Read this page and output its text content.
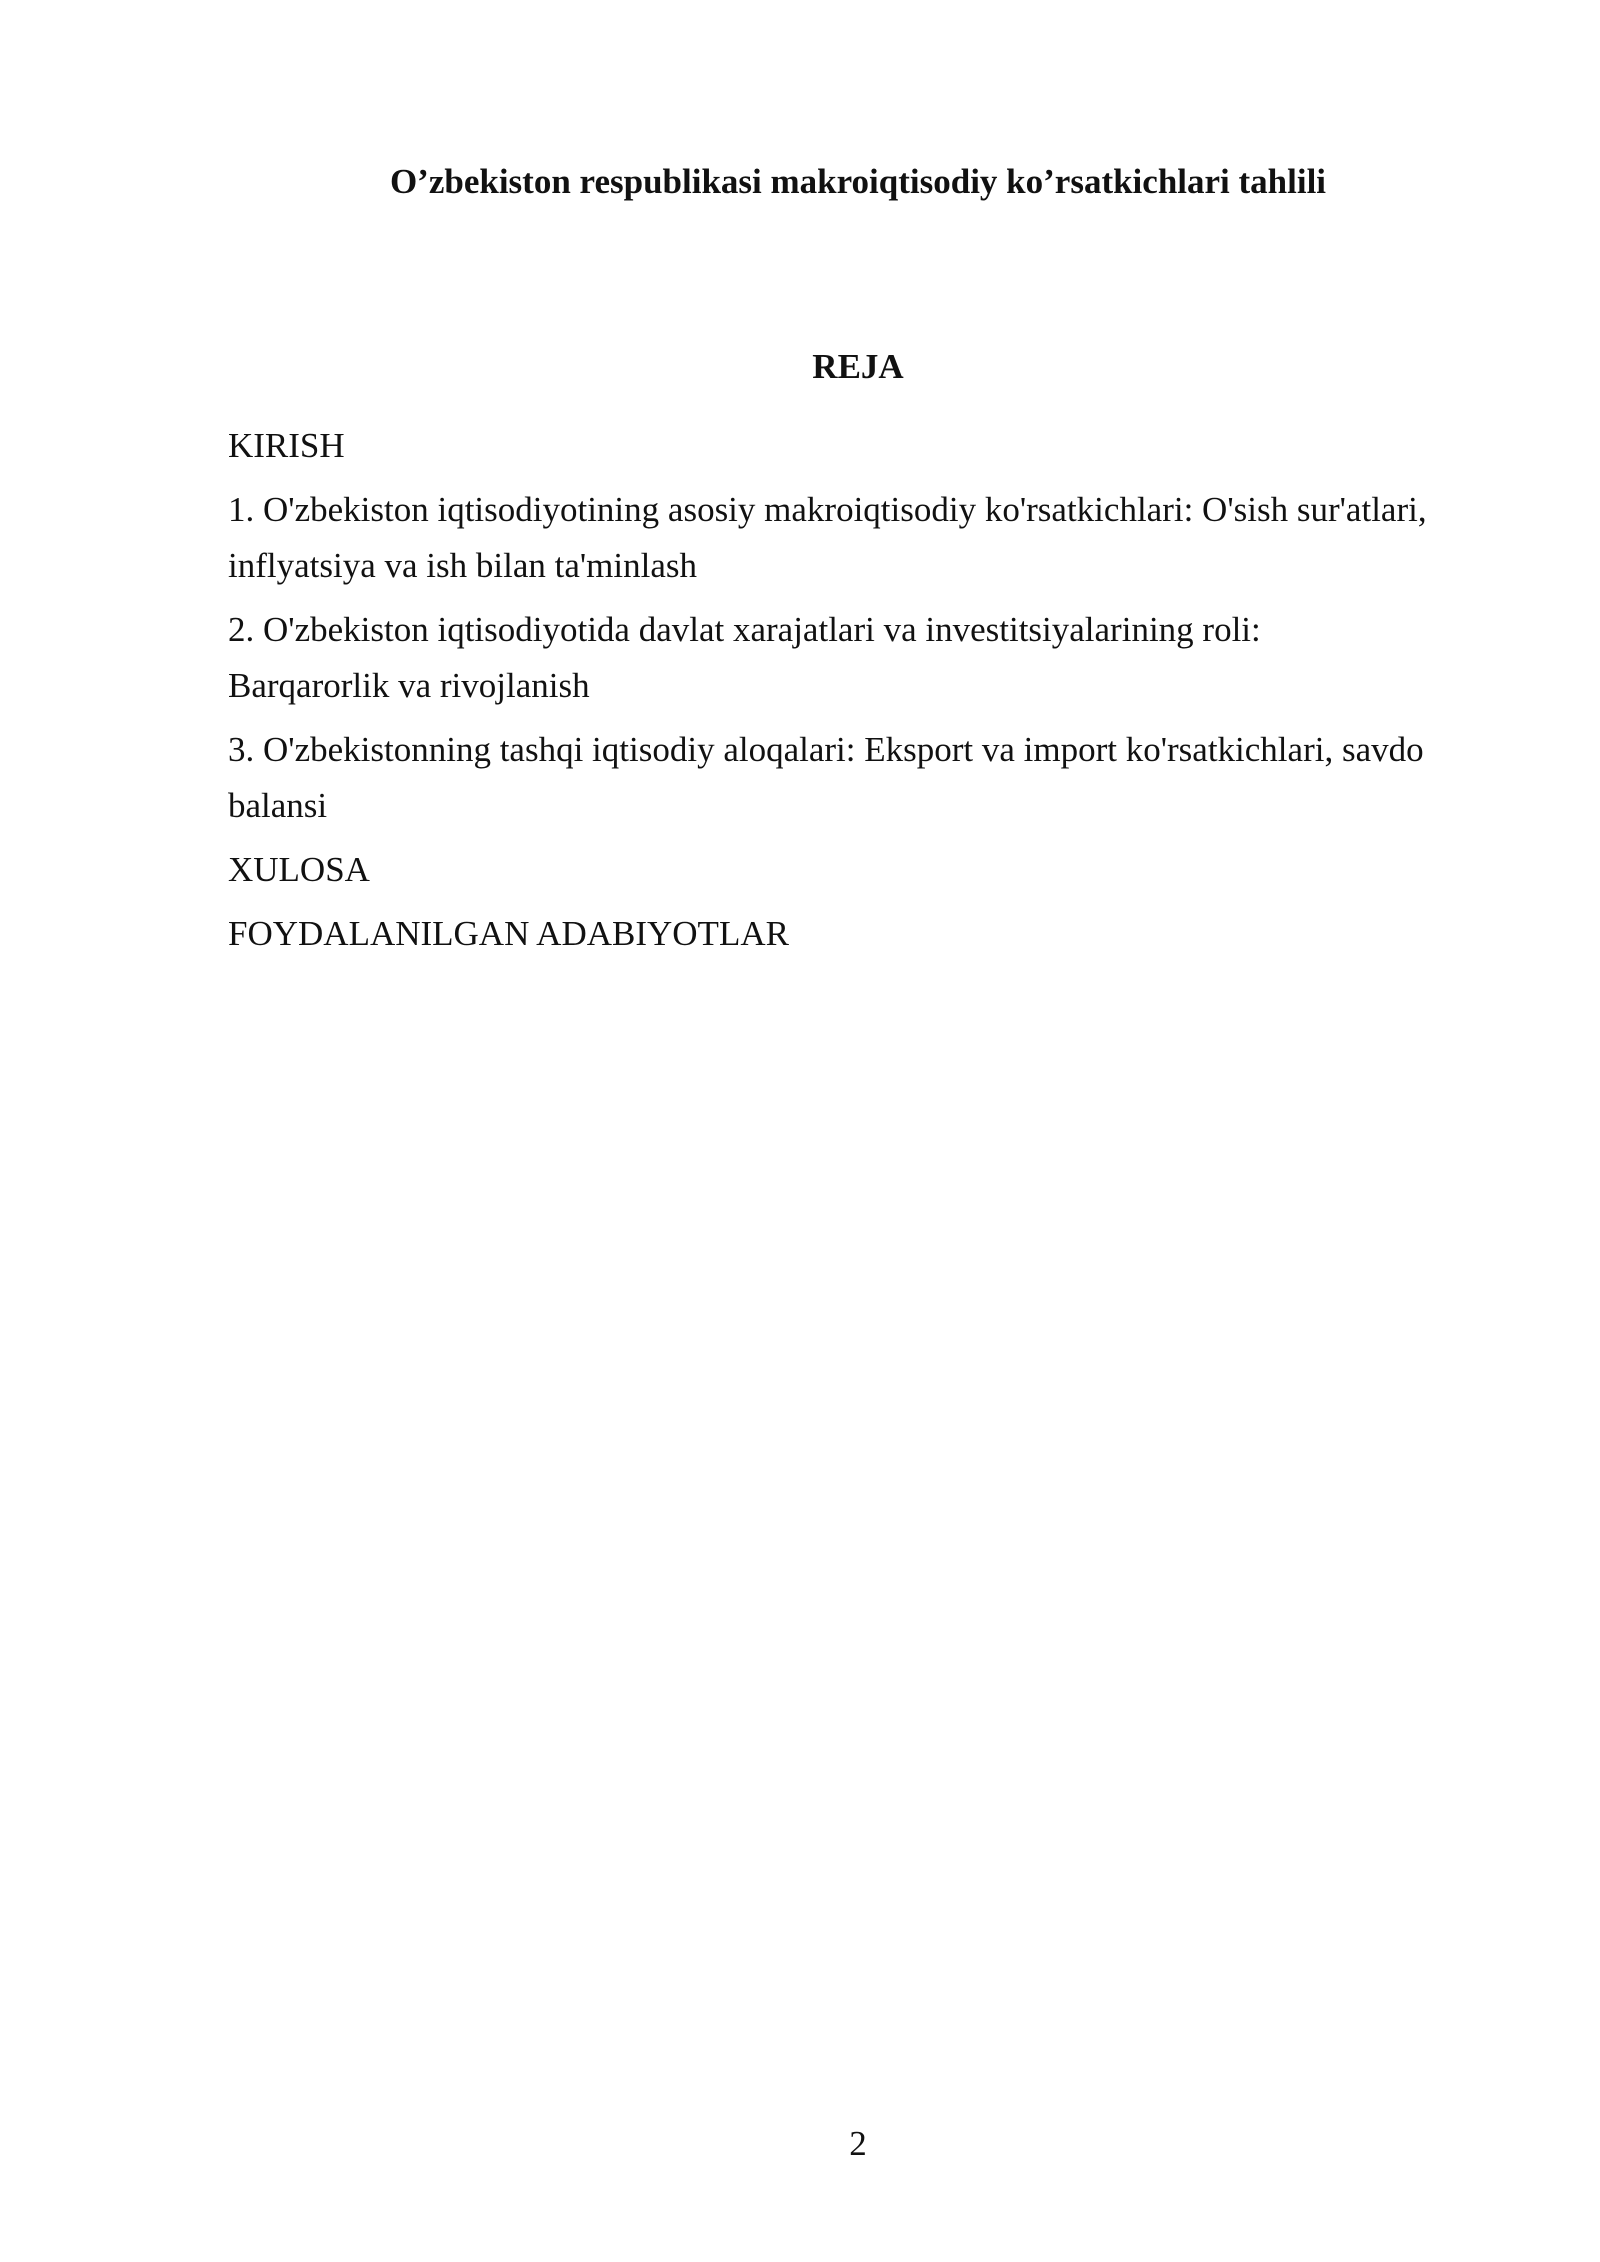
O’zbekiston respublikasi makroiqtisodiy ko’rsatkichlari tahlili
REJA
KIRISH
1. O'zbekiston iqtisodiyotining asosiy makroiqtisodiy ko'rsatkichlari: O'sish sur'atlari, inflyatsiya va ish bilan ta'minlash
2. O'zbekiston iqtisodiyotida davlat xarajatlari va investitsiyalarining roli: Barqarorlik va rivojlanish
3. O'zbekistonning tashqi iqtisodiy aloqalari: Eksport va import ko'rsatkichlari, savdo balansi
XULOSA
FOYDALANILGAN ADABIYOTLAR
2
